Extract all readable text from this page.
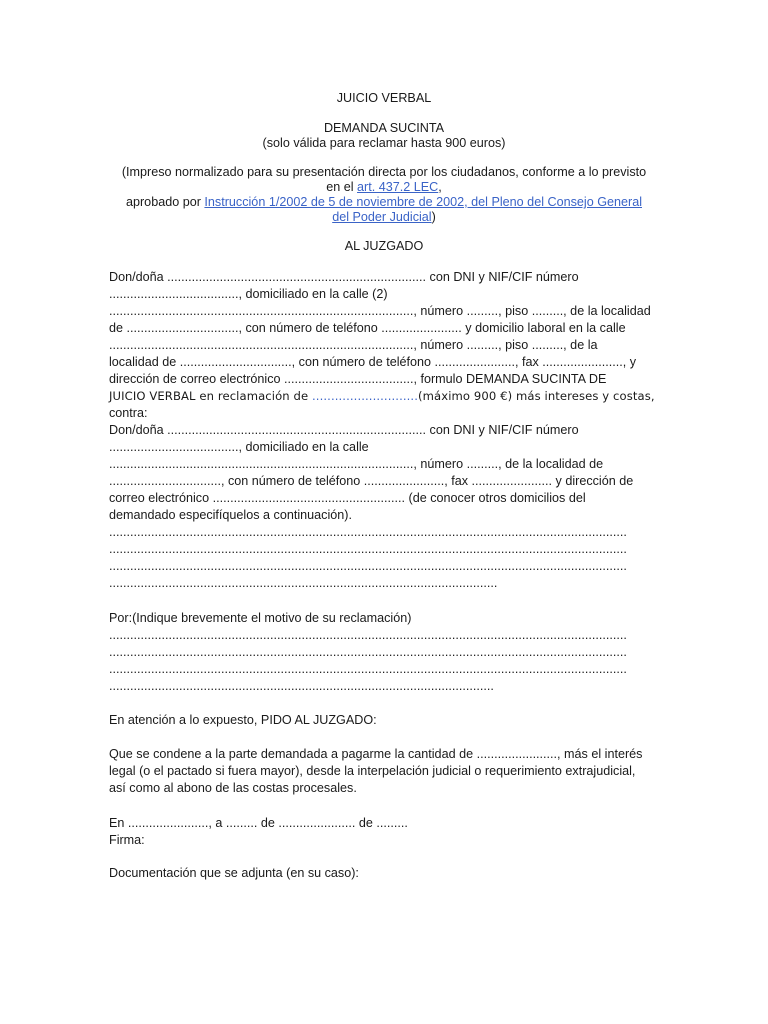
JUICIO VERBAL
DEMANDA SUCINTA
(solo válida para reclamar hasta 900 euros)
(Impreso normalizado para su presentación directa por los ciudadanos, conforme a lo previsto
en el art. 437.2 LEC,
aprobado por Instrucción 1/2002 de 5 de noviembre de 2002, del Pleno del Consejo General
del Poder Judicial)
AL JUZGADO
Don/doña .......................................................................... con DNI y NIF/CIF número
....................................., domiciliado en la calle (2)
......................................................................................., número ........., piso ........., de la localidad
de ................................, con número de teléfono ....................... y domicilio laboral en la calle
......................................................................................., número ........., piso ........., de la
localidad de ................................, con número de teléfono ......................., fax ......................., y
dirección de correo electrónico ....................................., formulo DEMANDA SUCINTA DE
JUICIO VERBAL en reclamación de ............................(máximo 900 €) más intereses y costas,
contra:
Don/doña .......................................................................... con DNI y NIF/CIF número
....................................., domiciliado en la calle
......................................................................................., número ........., de la localidad de
................................, con número de teléfono ......................., fax ....................... y dirección de
correo electrónico ....................................................... (de conocer otros domicilios del
demandado especifíquelos a continuación).
....................................................................................................................................................
....................................................................................................................................................
....................................................................................................................................................
...............................................................................................................
Por:(Indique brevemente el motivo de su reclamación)
....................................................................................................................................................
....................................................................................................................................................
....................................................................................................................................................
..............................................................................................................
En atención a lo expuesto, PIDO AL JUZGADO:
Que se condene a la parte demandada a pagarme la cantidad de ......................., más el interés
legal (o el pactado si fuera mayor), desde la interpelación judicial o requerimiento extrajudicial,
así como al abono de las costas procesales.
En ......................., a ......... de ...................... de .........
Firma:
Documentación que se adjunta (en su caso):
